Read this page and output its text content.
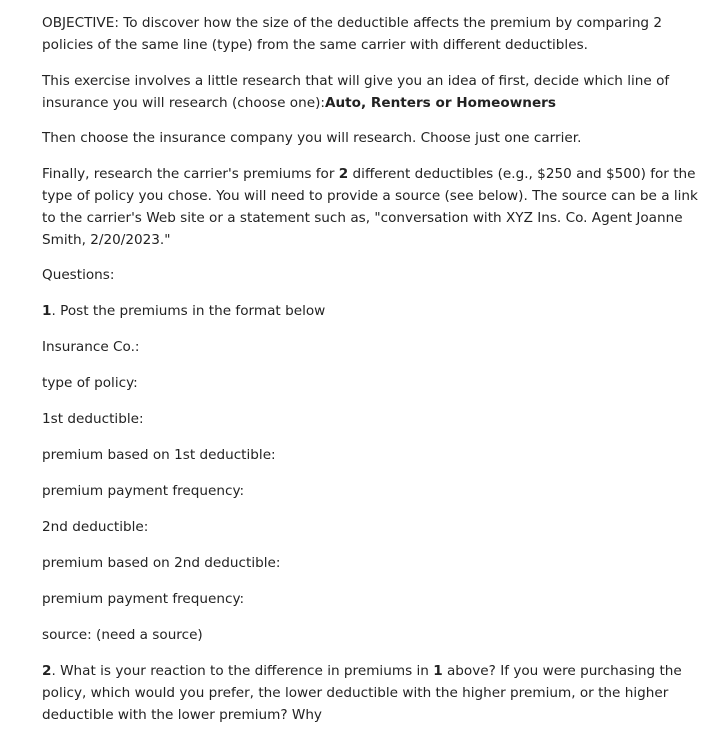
OBJECTIVE: To discover how the size of the deductible affects the premium by comparing 2 policies of the same line (type) from the same carrier with different deductibles.

This exercise involves a little research that will give you an idea of first, decide which line of insurance you will research (choose one):Auto, Renters or Homeowners

Then choose the insurance company you will research. Choose just one carrier.

Finally, research the carrier's premiums for 2 different deductibles (e.g., $250 and $500) for the type of policy you chose. You will need to provide a source (see below). The source can be a link to the carrier's Web site or a statement such as, "conversation with XYZ Ins. Co. Agent Joanne Smith, 2/20/2023."

Questions:

1. Post the premiums in the format below

Insurance Co.:

type of policy:

1st deductible:

premium based on 1st deductible:

premium payment frequency:

2nd deductible:

premium based on 2nd deductible:

premium payment frequency:

source: (need a source)

2. What is your reaction to the difference in premiums in 1 above? If you were purchasing the policy, which would you prefer, the lower deductible with the higher premium, or the higher deductible with the lower premium? Why
